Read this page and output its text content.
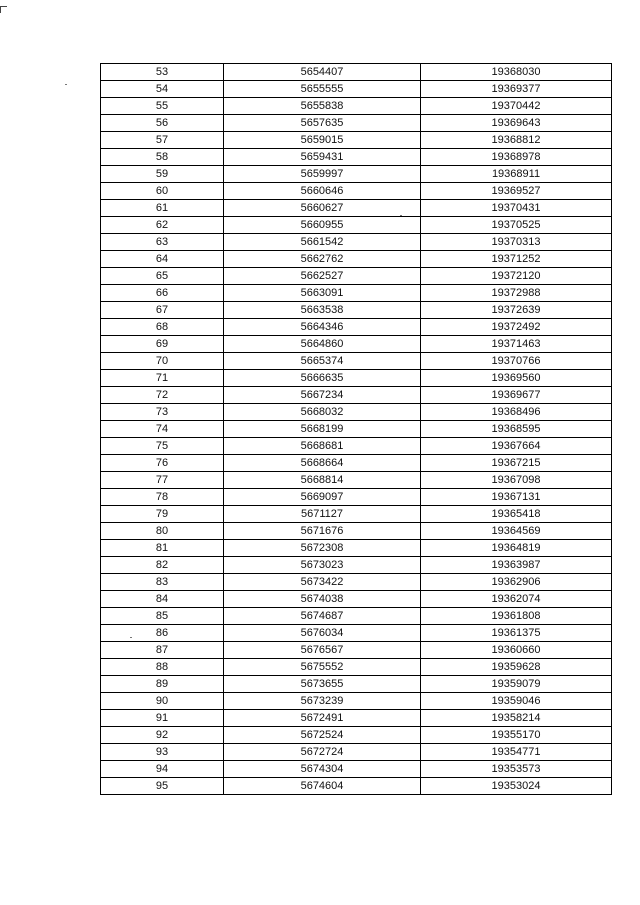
53	5654407	19368030
54	5655555	19369377
55	5655838	19370442
56	5657635	19369643
57	5659015	19368812
58	5659431	19368978
59	5659997	19368911
60	5660646	19369527
61	5660627	19370431
62	5660955	19370525
63	5661542	19370313
64	5662762	19371252
65	5662527	19372120
66	5663091	19372988
67	5663538	19372639
68	5664346	19372492
69	5664860	19371463
70	5665374	19370766
71	5666635	19369560
72	5667234	19369677
73	5668032	19368496
74	5668199	19368595
75	5668681	19367664
76	5668664	19367215
77	5668814	19367098
78	5669097	19367131
79	5671127	19365418
80	5671676	19364569
81	5672308	19364819
82	5673023	19363987
83	5673422	19362906
84	5674038	19362074
85	5674687	19361808
86	5676034	19361375
87	5676567	19360660
88	5675552	19359628
89	5673655	19359079
90	5673239	19359046
91	5672491	19358214
92	5672524	19355170
93	5672724	19354771
94	5674304	19353573
95	5674604	19353024
